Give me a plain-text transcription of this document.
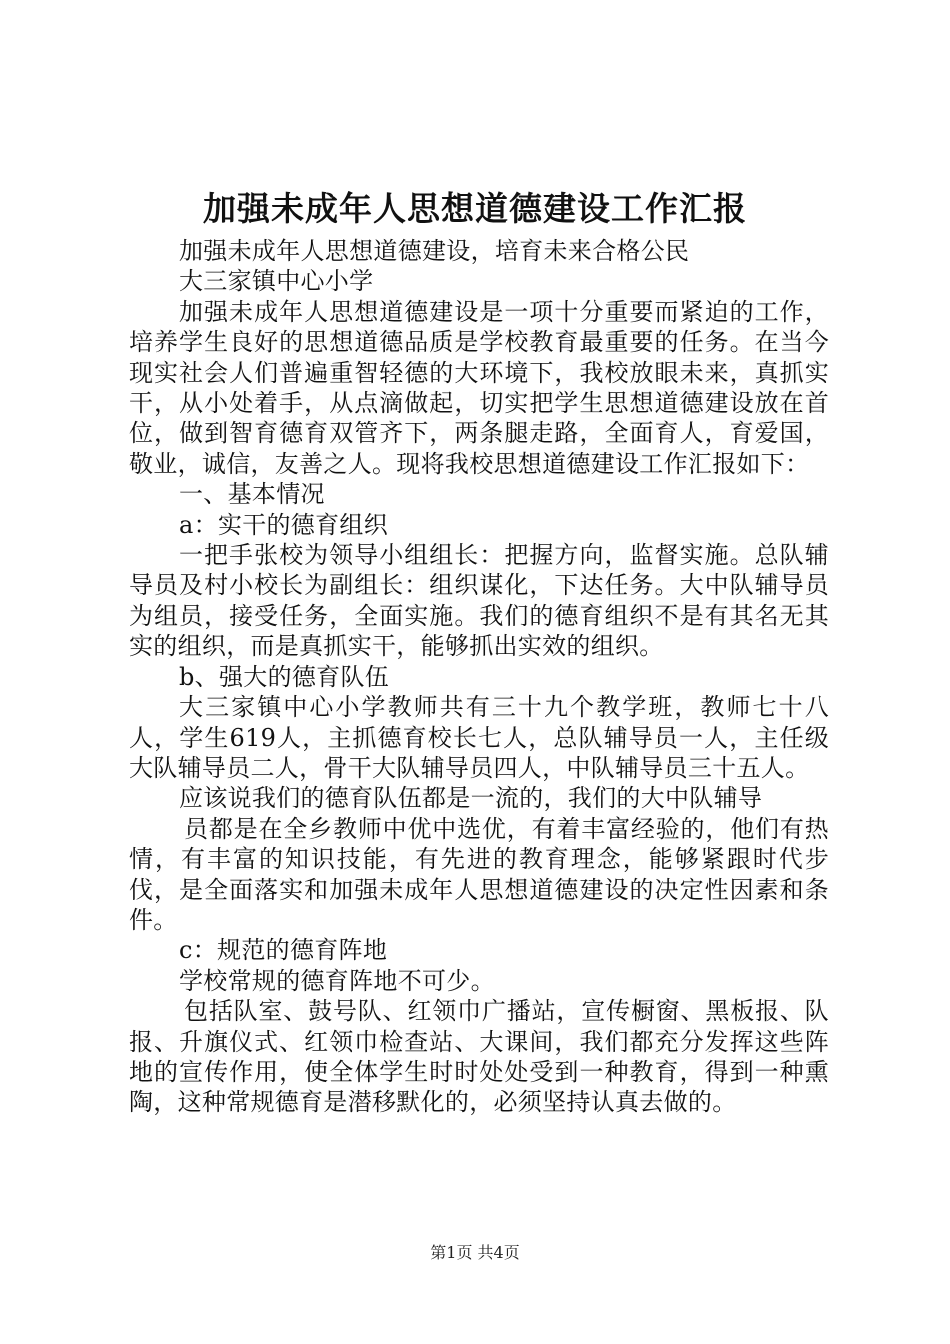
加强未成年人思想道德建设工作汇报

加强未成年人思想道德建设，培育未来合格公民

大三家镇中心小学

加强未成年人思想道德建设是一项十分重要而紧迫的工作，培养学生良好的思想道德品质是学校教育最重要的任务。在当今现实社会人们普遍重智轻德的大环境下，我校放眼未来，真抓实干，从小处着手，从点滴做起，切实把学生思想道德建设放在首位，做到智育德育双管齐下，两条腿走路，全面育人，育爱国，敬业，诚信，友善之人。现将我校思想道德建设工作汇报如下：

一、基本情况

a：实干的德育组织

一把手张校为领导小组组长：把握方向，监督实施。总队辅导员及村小校长为副组长：组织谋化，下达任务。大中队辅导员为组员，接受任务，全面实施。我们的德育组织不是有其名无其实的组织，而是真抓实干，能够抓出实效的组织。

b、强大的德育队伍

大三家镇中心小学教师共有三十九个教学班，教师七十八人，学生619人，主抓德育校长七人，总队辅导员一人，主任级大队辅导员二人，骨干大队辅导员四人，中队辅导员三十五人。

应该说我们的德育队伍都是一流的，我们的大中队辅导

员都是在全乡教师中优中选优，有着丰富经验的，他们有热情，有丰富的知识技能，有先进的教育理念，能够紧跟时代步伐，是全面落实和加强未成年人思想道德建设的决定性因素和条件。

c：规范的德育阵地

学校常规的德育阵地不可少。

包括队室、鼓号队、红领巾广播站，宣传橱窗、黑板报、队报、升旗仪式、红领巾检查站、大课间，我们都充分发挥这些阵地的宣传作用，使全体学生时时处处受到一种教育，得到一种熏陶，这种常规德育是潜移默化的，必须坚持认真去做的。

第1页 共4页
